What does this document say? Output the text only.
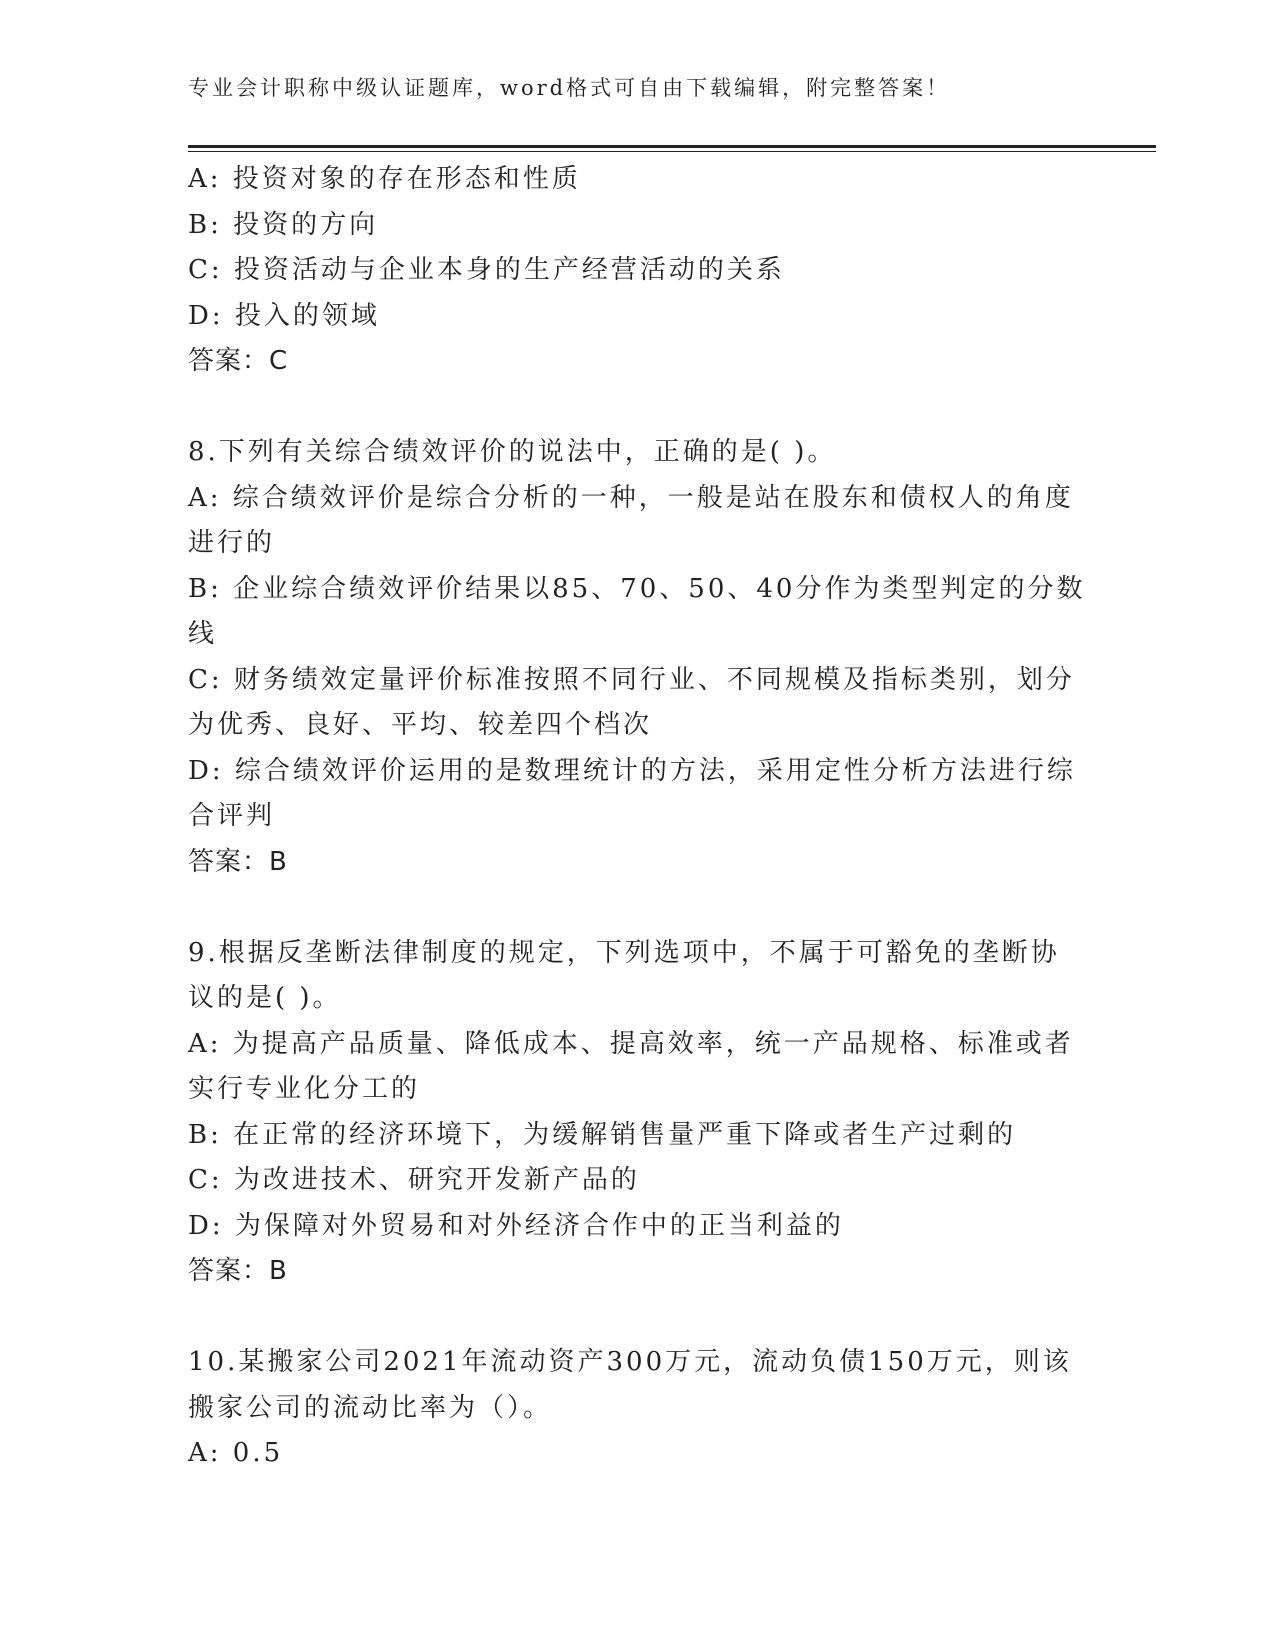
专业会计职称中级认证题库，word格式可自由下载编辑，附完整答案！
A: 投资对象的存在形态和性质
B: 投资的方向
C: 投资活动与企业本身的生产经营活动的关系
D: 投入的领域
答案：C
8.下列有关综合绩效评价的说法中，正确的是( )。
A: 综合绩效评价是综合分析的一种，一般是站在股东和债权人的角度
进行的
B: 企业综合绩效评价结果以85、70、50、40分作为类型判定的分数
线
C: 财务绩效定量评价标准按照不同行业、不同规模及指标类别，划分
为优秀、良好、平均、较差四个档次
D: 综合绩效评价运用的是数理统计的方法，采用定性分析方法进行综
合评判
答案：B
9.根据反垄断法律制度的规定，下列选项中，不属于可豁免的垄断协
议的是( )。
A: 为提高产品质量、降低成本、提高效率，统一产品规格、标准或者
实行专业化分工的
B: 在正常的经济环境下，为缓解销售量严重下降或者生产过剩的
C: 为改进技术、研究开发新产品的
D: 为保障对外贸易和对外经济合作中的正当利益的
答案：B
10.某搬家公司2021年流动资产300万元，流动负债150万元，则该
搬家公司的流动比率为（）。
A: 0.5
